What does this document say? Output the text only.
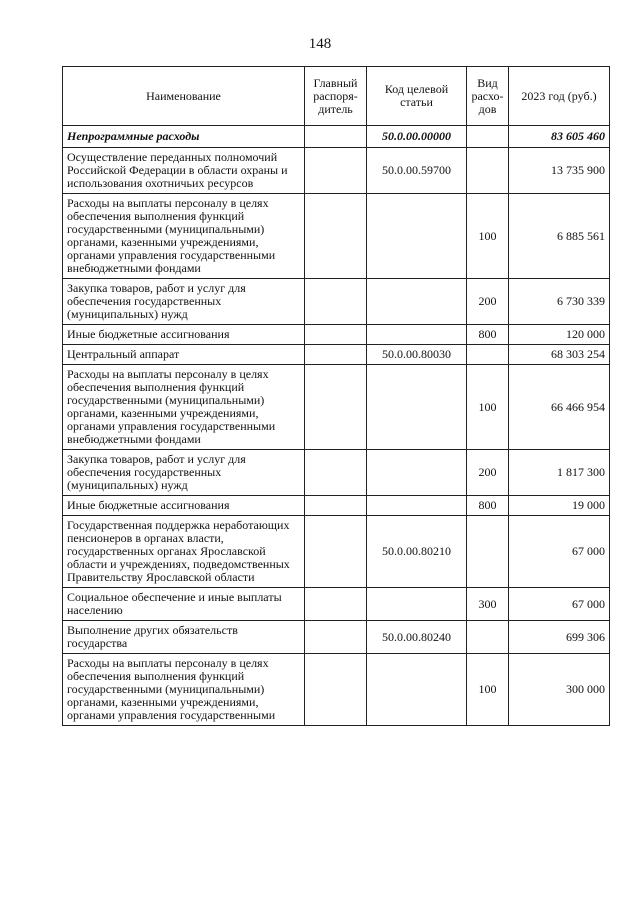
148
Наименование	Главный распоря-дитель	Код целевой статьи	Вид расхо-дов	2023 год (руб.)
Непрограммные расходы		50.0.00.00000		83 605 460
Осуществление переданных полномочий Российской Федерации в области охраны и использования охотничьих ресурсов		50.0.00.59700		13 735 900
Расходы на выплаты персоналу в целях обеспечения выполнения функций государственными (муниципальными) органами, казенными учреждениями, органами управления государственными внебюджетными фондами			100	6 885 561
Закупка товаров, работ и услуг для обеспечения государственных (муниципальных) нужд			200	6 730 339
Иные бюджетные ассигнования			800	120 000
Центральный аппарат		50.0.00.80030		68 303 254
Расходы на выплаты персоналу в целях обеспечения выполнения функций государственными (муниципальными) органами, казенными учреждениями, органами управления государственными внебюджетными фондами			100	66 466 954
Закупка товаров, работ и услуг для обеспечения государственных (муниципальных) нужд			200	1 817 300
Иные бюджетные ассигнования			800	19 000
Государственная поддержка неработающих пенсионеров в органах власти, государственных органах Ярославской области и учреждениях, подведомственных Правительству Ярославской области		50.0.00.80210		67 000
Социальное обеспечение и иные выплаты населению			300	67 000
Выполнение других обязательств государства		50.0.00.80240		699 306
Расходы на выплаты персоналу в целях обеспечения выполнения функций государственными (муниципальными) органами, казенными учреждениями, органами управления государственными			100	300 000
